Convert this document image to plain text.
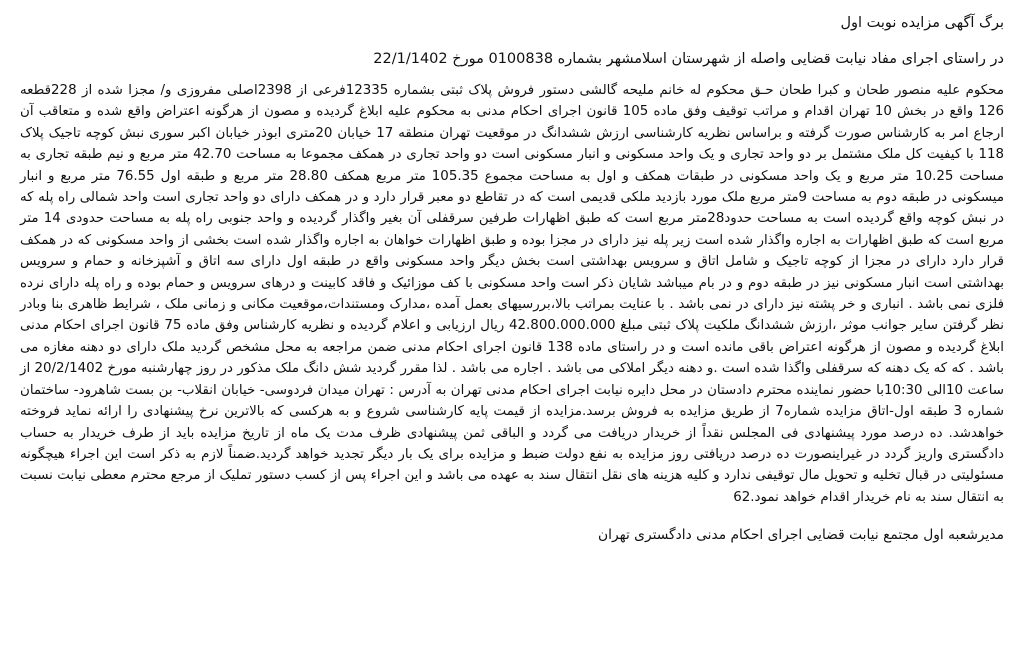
برگ آگهی مزایده نوبت اول

در راستای اجرای مفاد نیابت قضایی واصله از شهرستان اسلامشهر بشماره 0100838 مورخ 22/1/1402

محکوم علیه منصور طحان و کبرا طحان حـق محکوم له خانم ملیحه گالشی دستور فروش پلاک ثبتی بشماره 12335فرعی از 2398اصلی مفروزی و/ مجزا شده از 228قطعه 126 واقع در بخش 10 تهران اقدام و مراتب توقیف وفق ماده 105 قانون اجرای احکام مدنی به محکوم علیه ابلاغ گردیده و مصون از هرگونه اعتراض واقع شده و متعاقب آن ارجاع امر به کارشناس صورت گرفته و براساس نظریه کارشناسی ارزش ششدانگ در موقعیت تهران منطقه 17 خیابان 20متری ابوذر خیابان اکبر سوری نبش کوچه تاجیک پلاک 118 با کیفیت کل ملک مشتمل بر دو واحد تجاری و یک واحد مسکونی و انبار مسکونی است دو واحد تجاری در همکف مجموعا به مساحت 42.70 متر مربع و نیم طبقه تجاری به مساحت 10.25 متر مربع و یک واحد مسکونی در طبقات همکف و اول به مساحت مجموع 105.35 متر مربع همکف 28.80 متر مربع و طبقه اول 76.55 متر مربع و انبار میسکونی در طبقه دوم به مساحت 9متر مربع ملک مورد بازدید ملکی قدیمی است که در تقاطع دو معبر قرار دارد و در همکف دارای دو واحد تجاری است واحد شمالی راه پله که در نبش کوچه واقع گردیده است به مساحت حدود28متر مربع است که طبق اظهارات طرفین سرقفلی آن بغیر واگذار گردیده و واحد جنوبی راه پله به مساحت حدودی 14 متر مربع است که طبق اظهارات به اجاره واگذار شده است زیر پله نیز دارای در مجزا بوده و طبق اظهارات خواهان به اجاره واگذار شده است بخشی از واحد مسکونی که در همکف قرار دارد دارای در مجزا از کوچه تاجیک و شامل اتاق و سرویس بهداشتی است بخش دیگر واحد مسکونی واقع در طبقه اول دارای سه اتاق و آشپزخانه و حمام و سرویس بهداشتی است انبار مسکونی نیز در طبقه دوم و در بام میباشد شایان ذکر است واحد مسکونی با کف موزائیک و فاقد کابینت و درهای سرویس و حمام بوده و راه پله دارای نرده فلزی نمی باشد . انباری و خر پشته نیز دارای در نمی باشد . با عنایت بمراتب بالا،بررسیهای بعمل آمده ،مدارک ومستندات،موقعیت مکانی و زمانی ملک ، شرایط ظاهری بنا وبادر نظر گرفتن سایر جوانب موثر ،ارزش ششدانگ ملکیت پلاک ثبتی مبلغ 42.800.000.000 ریال ارزیابی و اعلام گردیده و نظریه کارشناس وفق ماده 75 قانون اجرای احکام مدنی ابلاغ گردیده و مصون از هرگونه اعتراض باقی مانده است و در راستای ماده 138 قانون اجرای احکام مدنی ضمن مراجعه به محل مشخص گردید ملک دارای دو دهنه مغازه می باشد . که که یک دهنه که سرقفلی واگذا شده است .و دهنه دیگر املاکی می باشد . اجاره می باشد . لذا مقرر گردید شش دانگ ملک مذکور در روز چهارشنبه مورخ 20/2/1402 از ساعت 10الی 10:30با حضور نماینده محترم دادستان در محل دایره نیابت اجرای احکام مدنی تهران به آدرس : تهران میدان فردوسی- خیابان انقلاب- بن بست شاهرود- ساختمان شماره 3 طبقه اول-اتاق مزایده شماره7 از طریق مزایده به فروش برسد.مزایده از قیمت پایه کارشناسی شروع و به هرکسی که بالاترین نرخ پیشنهادی را ارائه نماید فروخته خواهدشد. ده درصد مورد پیشنهادی فی المجلس نقداً از خریدار دریافت می گردد و الباقی ثمن پیشنهادی ظرف مدت یک ماه از تاریخ مزایده باید از طرف خریدار به حساب دادگستری واریز گردد در غیراینصورت ده درصد دریافتی روز مزایده به نفع دولت ضبط و مزایده برای یک بار دیگر تجدید خواهد گردید.ضمناً لازم به ذکر است این اجراء هیچگونه مسئولیتی در قبال تخلیه و تحویل مال توقیفی ندارد و کلیه هزینه های نقل انتقال سند به عهده می باشد و این اجراء پس از کسب دستور تملیک از مرجع محترم معطی نیابت نسبت به انتقال سند به نام خریدار اقدام خواهد نمود.62

مدیرشعبه اول مجتمع نیابت قضایی اجرای احکام مدنی دادگستری تهران
